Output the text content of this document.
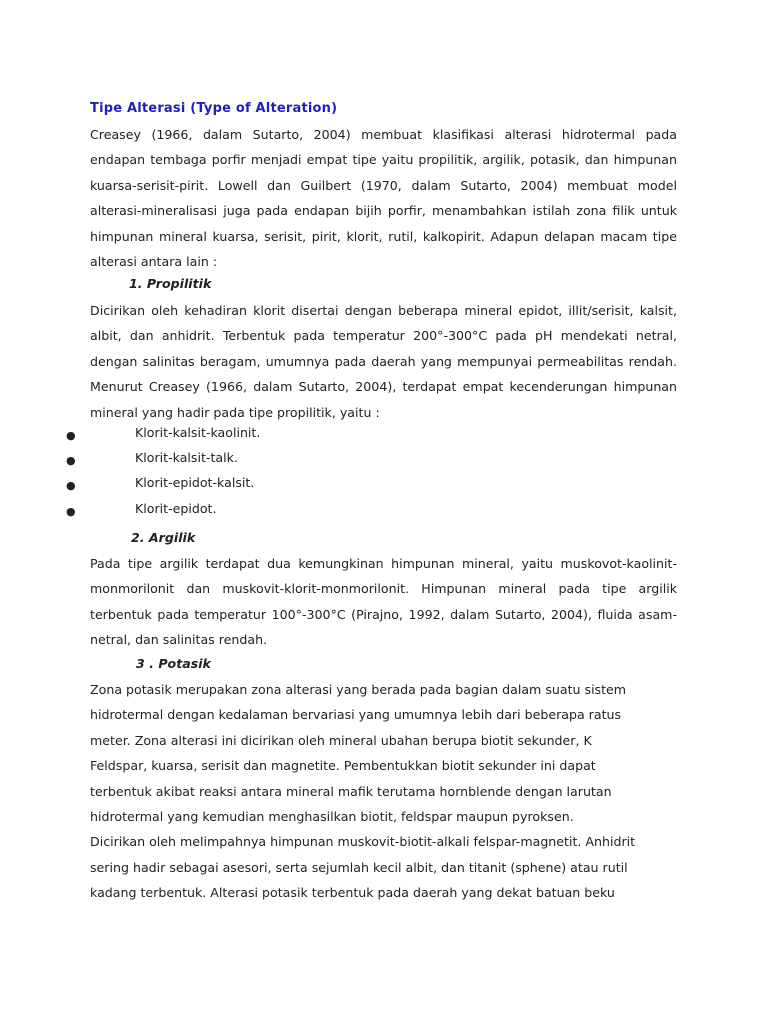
Tipe Alterasi (Type of Alteration)

Creasey (1966, dalam Sutarto, 2004) membuat klasifikasi alterasi hidrotermal pada endapan tembaga porfir menjadi empat tipe yaitu propilitik, argilik, potasik, dan himpunan kuarsa-serisit-pirit. Lowell dan Guilbert (1970, dalam Sutarto, 2004) membuat model alterasi-mineralisasi juga pada endapan bijih porfir, menambahkan istilah zona filik untuk himpunan mineral kuarsa, serisit, pirit, klorit, rutil, kalkopirit. Adapun delapan macam tipe alterasi antara lain :

1. Propilitik

Dicirikan oleh kehadiran klorit disertai dengan beberapa mineral epidot, illit/serisit, kalsit, albit, dan anhidrit. Terbentuk pada temperatur 200°-300°C pada pH mendekati netral, dengan salinitas beragam, umumnya pada daerah yang mempunyai permeabilitas rendah. Menurut Creasey (1966, dalam Sutarto, 2004), terdapat empat kecenderungan himpunan mineral yang hadir pada tipe propilitik, yaitu :

●	Klorit-kalsit-kaolinit.
●	Klorit-kalsit-talk.
●	Klorit-epidot-kalsit.
●	Klorit-epidot.
2. Argilik

Pada tipe argilik terdapat dua kemungkinan himpunan mineral, yaitu muskovot-kaolinit-monmorilonit dan muskovit-klorit-monmorilonit. Himpunan mineral pada tipe argilik terbentuk pada temperatur 100°-300°C (Pirajno, 1992, dalam Sutarto, 2004), fluida asam-netral, dan salinitas rendah.

3 . Potasik
Zona potasik merupakan zona alterasi yang berada pada bagian dalam suatu sistem
hidrotermal dengan kedalaman bervariasi yang umumnya lebih dari beberapa ratus
meter. Zona alterasi ini dicirikan oleh mineral ubahan berupa biotit sekunder, K
Feldspar, kuarsa, serisit dan magnetite. Pembentukkan biotit sekunder ini dapat
terbentuk akibat reaksi antara mineral mafik terutama hornblende dengan larutan
hidrotermal yang kemudian menghasilkan biotit, feldspar maupun pyroksen.
Dicirikan oleh melimpahnya himpunan muskovit-biotit-alkali felspar-magnetit. Anhidrit
sering hadir sebagai asesori, serta sejumlah kecil albit, dan titanit (sphene) atau rutil
kadang terbentuk. Alterasi potasik terbentuk pada daerah yang dekat batuan beku
